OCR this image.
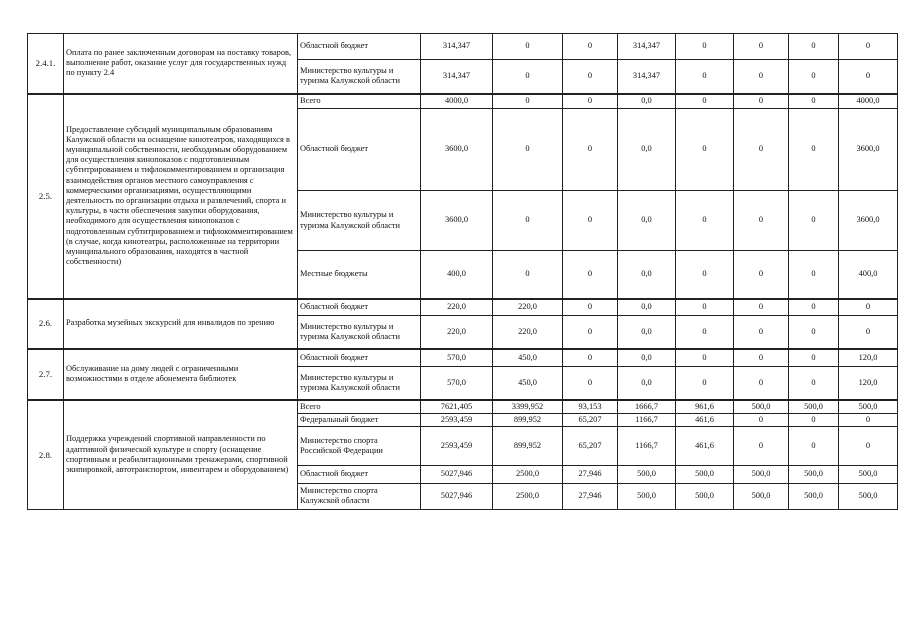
2.4.1.	Оплата по ранее заключенным договорам на поставку товаров, выполнение работ, оказание услуг для государственных нужд по пункту 2.4	Областной бюджет	314,347	0	0	314,347	0	0	0	0
		Министерство культуры и туризма Калужской области	314,347	0	0	314,347	0	0	0	0
2.5.	Предоставление субсидий муниципальным образованиям Калужской области на оснащение кинотеатров, находящихся в муниципальной собственности, необходимым оборудованием для осуществления кинопоказов с подготовленным субтитрированием и тифлокомментированием и организация взаимодействия органов местного самоуправления с коммерческими организациями, осуществляющими деятельность по организации отдыха и развлечений, спорта и культуры, в части обеспечения закупки оборудования, необходимого для осуществления кинопоказов с подготовленным субтитрированием и тифлокомментированием (в случае, когда кинотеатры, расположенные на территории муниципального образования, находятся в частной собственности)	Всего	4000,0	0	0	0,0	0	0	0	4000,0
		Областной бюджет	3600,0	0	0	0,0	0	0	0	3600,0
		Министерство культуры и туризма Калужской области	3600,0	0	0	0,0	0	0	0	3600,0
		Местные бюджеты	400,0	0	0	0,0	0	0	0	400,0
2.6.	Разработка музейных экскурсий для инвалидов по зрению	Областной бюджет	220,0	220,0	0	0,0	0	0	0	0
		Министерство культуры и туризма Калужской области	220,0	220,0	0	0,0	0	0	0	0
2.7.	Обслуживание на дому людей с ограниченными возможностями в отделе абонемента библиотек	Областной бюджет	570,0	450,0	0	0,0	0	0	0	120,0
		Министерство культуры и туризма Калужской области	570,0	450,0	0	0,0	0	0	0	120,0
2.8.	Поддержка учреждений спортивной направленности по адаптивной физической культуре и спорту (оснащение спортивным и реабилитационными тренажерами, спортивной экипировкой, автотранспортом, инвентарем и оборудованием)	Всего	7621,405	3399,952	93,153	1666,7	961,6	500,0	500,0	500,0
		Федеральный бюджет	2593,459	899,952	65,207	1166,7	461,6	0	0	0
		Министерство спорта Российской Федерации	2593,459	899,952	65,207	1166,7	461,6	0	0	0
		Областной бюджет	5027,946	2500,0	27,946	500,0	500,0	500,0	500,0	500,0
		Министерство спорта Калужской области	5027,946	2500,0	27,946	500,0	500,0	500,0	500,0	500,0
